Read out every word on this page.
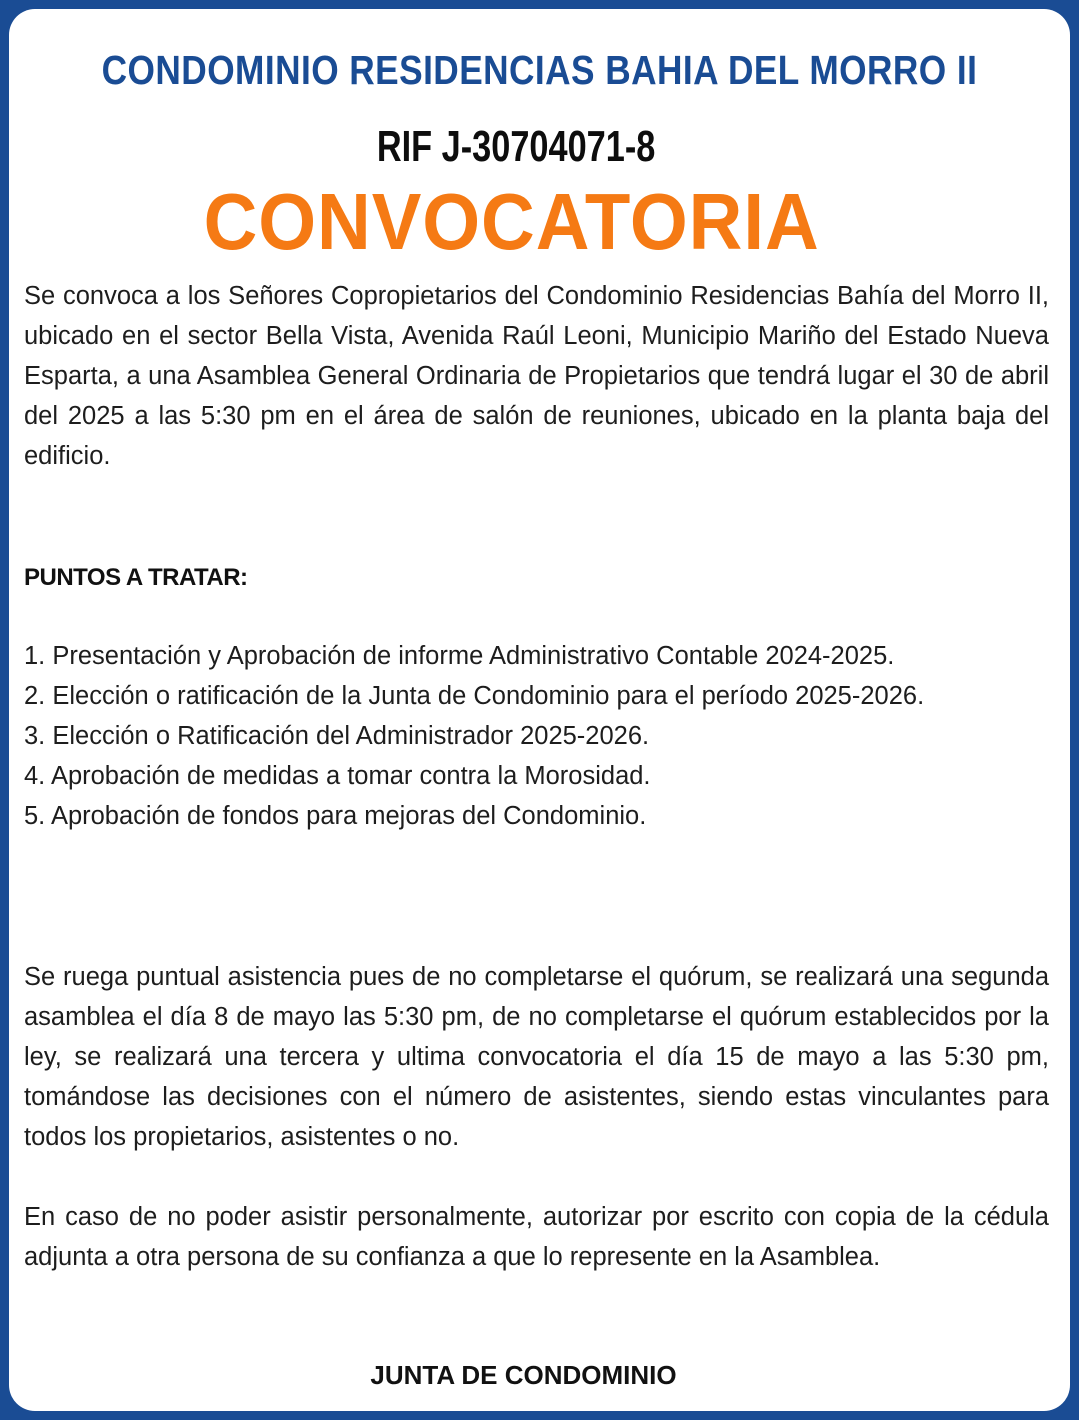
CONDOMINIO RESIDENCIAS BAHIA DEL MORRO II
RIF J-30704071-8
CONVOCATORIA
Se convoca a los Señores Copropietarios del Condominio Residencias Bahía del Morro II, ubicado en el sector Bella Vista, Avenida Raúl Leoni, Municipio Mariño del Estado Nueva Esparta, a una Asamblea General Ordinaria de Propietarios que tendrá lugar el 30 de abril del 2025 a las 5:30 pm en el área de salón de reuniones, ubicado en la planta baja del edificio.
PUNTOS A TRATAR:
1. Presentación y Aprobación de informe Administrativo Contable 2024-2025.
2. Elección o ratificación de la Junta de Condominio para el período 2025-2026.
3. Elección o Ratificación del Administrador 2025-2026.
4. Aprobación de medidas a tomar contra la Morosidad.
5. Aprobación de fondos para mejoras del Condominio.
Se ruega puntual asistencia pues de no completarse el quórum, se realizará una segunda asamblea el día 8 de mayo las 5:30 pm, de no completarse el quórum establecidos por la ley, se realizará una tercera y ultima convocatoria el día 15 de mayo a las 5:30 pm, tomándose las decisiones con el número de asistentes, siendo estas vinculantes para todos los propietarios, asistentes o no.
En caso de no poder asistir personalmente, autorizar por escrito con copia de la cédula adjunta a otra persona de su confianza a que lo represente en la Asamblea.
JUNTA DE CONDOMINIO
